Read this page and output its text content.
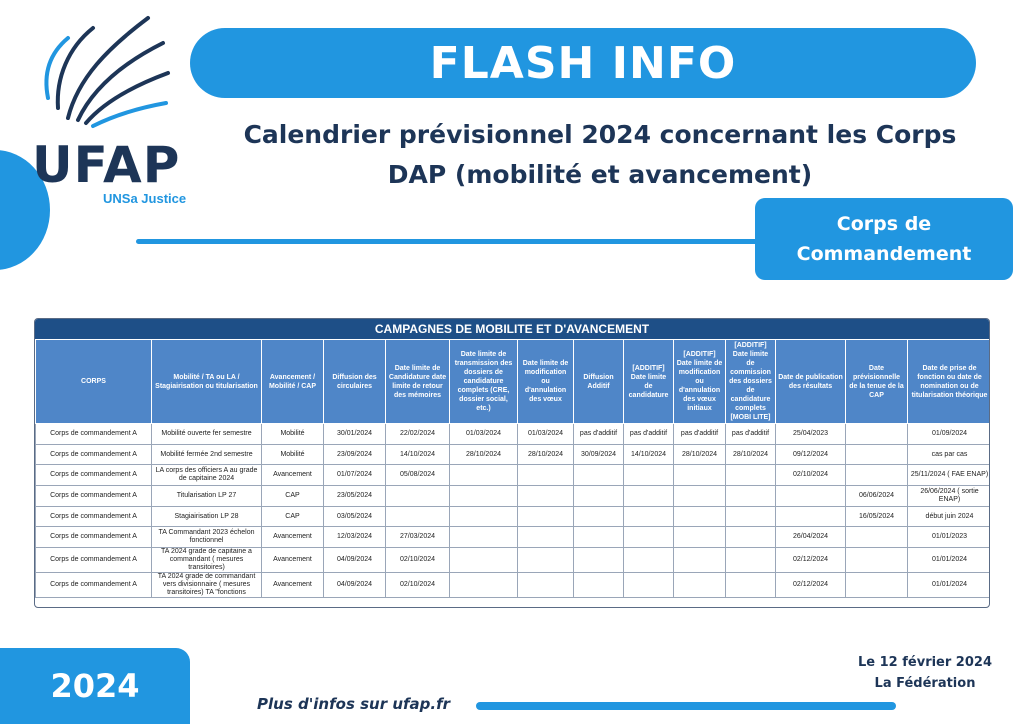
UFAP
UNSa Justice
FLASH INFO
Calendrier prévisionnel 2024 concernant les Corps
DAP (mobilité et avancement)
Corps de
Commandement
CAMPAGNES DE MOBILITE ET D'AVANCEMENT
CORPS	Mobilité / TA ou LA / Stagiairisation ou titularisation	Avancement / Mobilité / CAP	Diffusion des circulaires	Date limite de Candidature date limite de retour des mémoires	Date limite de transmission des dossiers de candidature complets (CRE, dossier social, etc.)	Date limite de modification ou d'annulation des vœux	Diffusion Additif	[ADDITIF] Date limite de candidature	[ADDITIF] Date limite de modification ou d'annulation des vœux initiaux	[ADDITIF] Date limite de commission des dossiers de candidature complets [MOBI LITE]	Date de publication des résultats	Date prévisionnelle de la tenue de la CAP	Date de prise de fonction ou date de nomination ou de titularisation théorique
Corps de commandement A	Mobilité ouverte fer semestre	Mobilité	30/01/2024	22/02/2024	01/03/2024	01/03/2024	pas d'additif	pas d'additif	pas d'additif	pas d'additif	25/04/2023		01/09/2024
Corps de commandement A	Mobilité fermée 2nd semestre	Mobilité	23/09/2024	14/10/2024	28/10/2024	28/10/2024	30/09/2024	14/10/2024	28/10/2024	28/10/2024	09/12/2024		cas par cas
Corps de commandement A	LA corps des officiers A au grade de capitaine 2024	Avancement	01/07/2024	05/08/2024							02/10/2024		25/11/2024 ( FAE ENAP)
Corps de commandement A	Titularisation LP 27	CAP	23/05/2024									06/06/2024	26/06/2024 ( sortie ENAP)
Corps de commandement A	Stagiairisation LP 28	CAP	03/05/2024									16/05/2024	début juin 2024
Corps de commandement A	TA Commandant 2023 échelon fonctionnel	Avancement	12/03/2024	27/03/2024							26/04/2024		01/01/2023
Corps de commandement A	TA 2024 grade de capitaine a commandant ( mesures transitoires)	Avancement	04/09/2024	02/10/2024							02/12/2024		01/01/2024
Corps de commandement A	TA 2024 grade de commandant vers divisionnaire ( mesures transitoires) TA "fonctions	Avancement	04/09/2024	02/10/2024							02/12/2024		01/01/2024
2024	Plus d'infos sur ufap.fr
Le 12 février 2024
La Fédération
